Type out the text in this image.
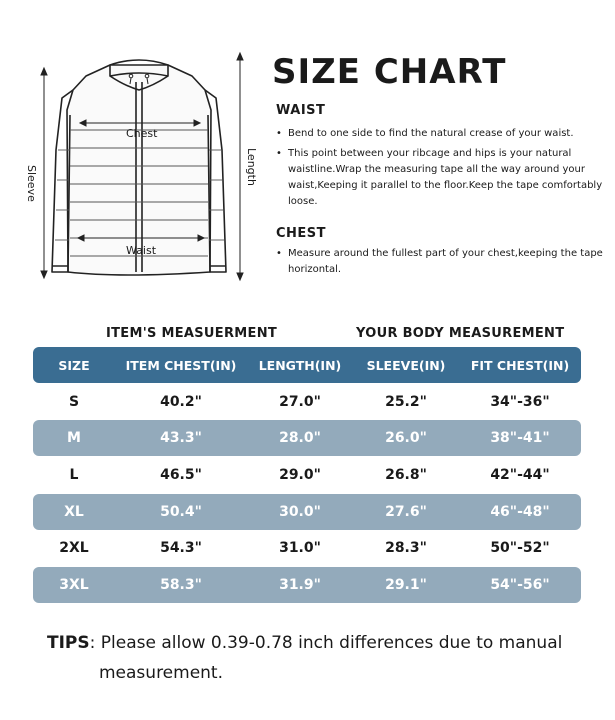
Chest
Waist
Sleeve	Length
SIZE CHART
WAIST
• Bend to one side to find the natural crease of your waist.
• This point between your ribcage and hips is your natural waistline.Wrap the measuring tape all the way around your waist,Keeping it parallel to the floor.Keep the tape comfortably loose.
CHEST
• Measure around the fullest part of your chest,keeping the tape horizontal.
ITEM'S MEASUERMENT	YOUR BODY MEASUREMENT
SIZE	ITEM CHEST(IN)	LENGTH(IN)	SLEEVE(IN)	FIT CHEST(IN)
S	40.2"	27.0"	25.2"	34"-36"
M	43.3"	28.0"	26.0"	38"-41"
L	46.5"	29.0"	26.8"	42"-44"
XL	50.4"	30.0"	27.6"	46"-48"
2XL	54.3"	31.0"	28.3"	50"-52"
3XL	58.3"	31.9"	29.1"	54"-56"
TIPS: Please allow 0.39-0.78 inch differences due to manual
measurement.
